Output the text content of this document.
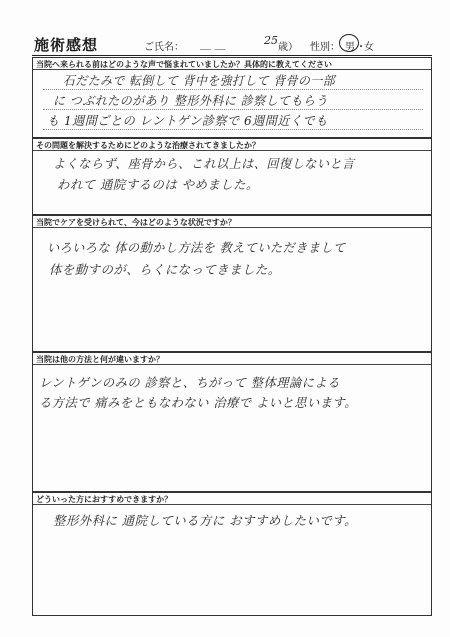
施術感想	ご氏名： ＿ ＿	25
歳） 性別： 男 ・
女
当院へ来られる前はどのような声で悩まれていましたか？具体的に教えてください
石だたみで 転倒して 背中を強打して 背骨の一部
に つぶれたのがあり 整形外科に 診察してもらう
も 1週間ごとの レントゲン診察で 6週間近くでも
その問題を解決するためにどのような治療されてきましたか？
よくならず、座骨から、これ以上は、回復しないと言
われて 通院するのは やめました。
当院でケアを受けられて、今はどのような状況ですか？
いろいろな 体の動かし方法を 教えていただきまして
体を動すのが、らくになってきました。
当院は他の方法と何が違いますか？
レントゲンのみの 診察と、ちがって 整体理論による
る方法で 痛みをともなわない 治療で よいと思います。
どういった方におすすめできますか？
整形外科に 通院している方に おすすめしたいです。
